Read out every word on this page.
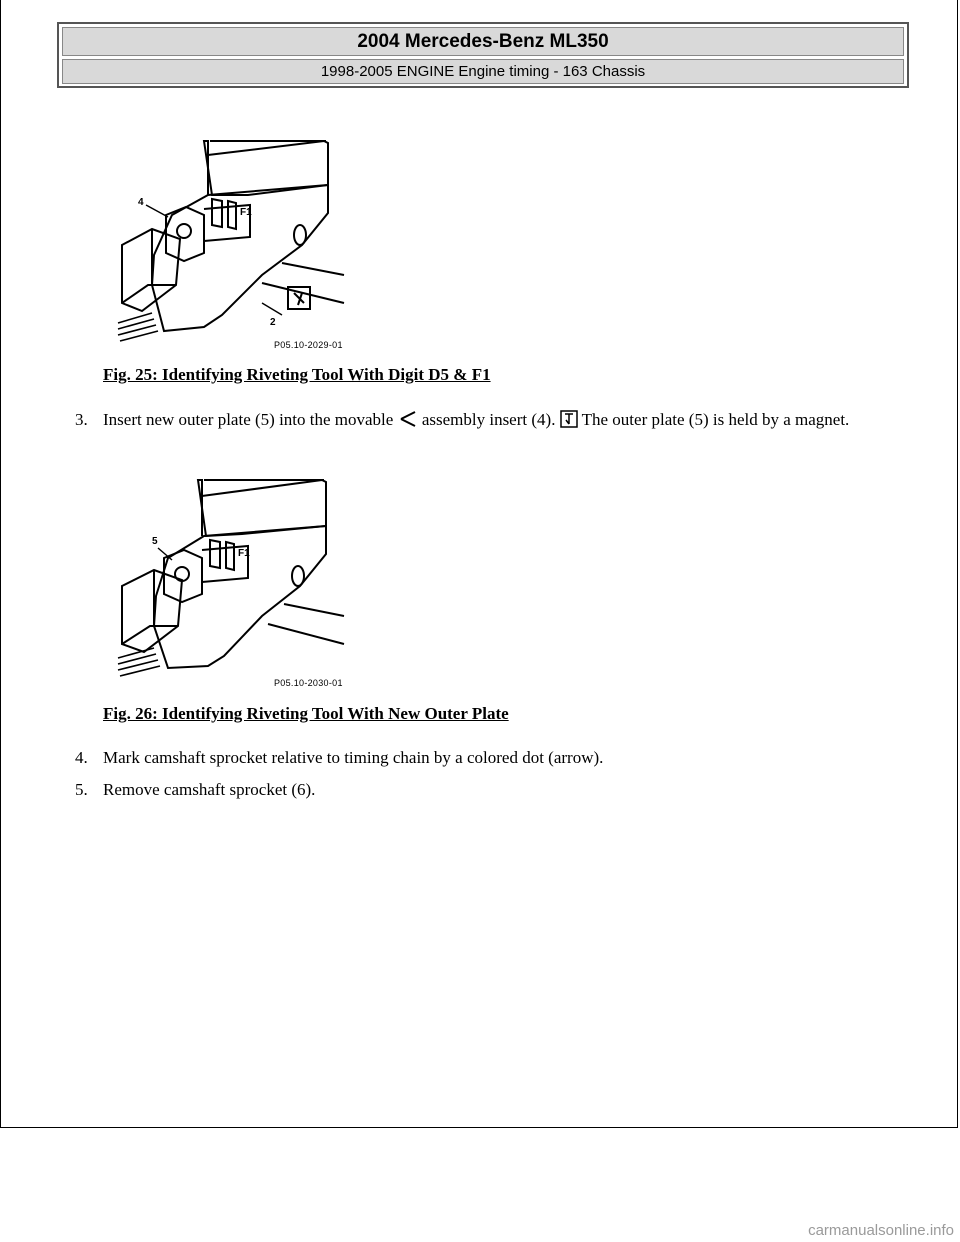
2004 Mercedes-Benz ML350
1998-2005 ENGINE Engine timing - 163 Chassis
4
2
F1
P05.10-2029-01
Fig. 25: Identifying Riveting Tool With Digit D5 & F1
3. Insert new outer plate (5) into the movable  assembly insert (4).  The outer plate (5) is held by a magnet.
5
F1
P05.10-2030-01
Fig. 26: Identifying Riveting Tool With New Outer Plate
4. Mark camshaft sprocket relative to timing chain by a colored dot (arrow).
5. Remove camshaft sprocket (6).
carmanualsonline.info
